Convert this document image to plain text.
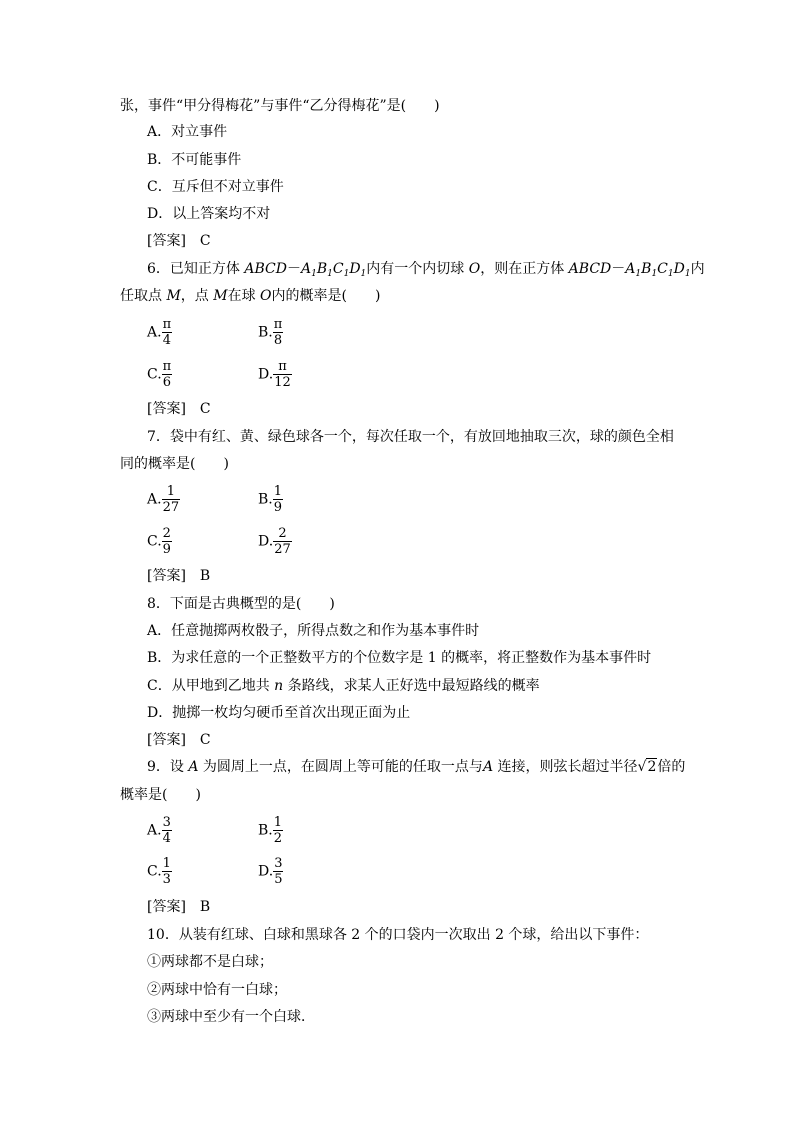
张，事件“甲分得梅花”与事件“乙分得梅花”是(　　)
A．对立事件
B．不可能事件
C．互斥但不对立事件
D．以上答案均不对
[答案]　C
6．已知正方体 $ABCD-A_1B_1C_1D_1$内有一个内切球 O，则在正方体 $ABCD-A_1B_1C_1D_1$内
任取点 M，点 M在球 O内的概率是(　　)
A. $\frac{\pi}{4}$	B. $\frac{\pi}{8}$
C. $\frac{\pi}{6}$	D. $\frac{\pi}{12}$
[答案]　C
7．袋中有红、黄、绿色球各一个，每次任取一个，有放回地抽取三次，球的颜色全相
同的概率是(　　)
A. $\frac{1}{27}$	B. $\frac{1}{9}$
C. $\frac{2}{9}$	D. $\frac{2}{27}$
[答案]　B
8．下面是古典概型的是(　　)
A．任意抛掷两枚骰子，所得点数之和作为基本事件时
B．为求任意的一个正整数平方的个位数字是 1 的概率，将正整数作为基本事件时
C．从甲地到乙地共 n 条路线，求某人正好选中最短路线的概率
D．抛掷一枚均匀硬币至首次出现正面为止
[答案]　C
9．设 A 为圆周上一点，在圆周上等可能的任取一点与A 连接，则弦长超过半径√2倍的
概率是(　　)
A. $\frac{3}{4}$	B. $\frac{1}{2}$
C. $\frac{1}{3}$	D. $\frac{3}{5}$
[答案]　B
10．从装有红球、白球和黑球各 2 个的口袋内一次取出 2 个球，给出以下事件：
①两球都不是白球；
②两球中恰有一白球；
③两球中至少有一个白球．
